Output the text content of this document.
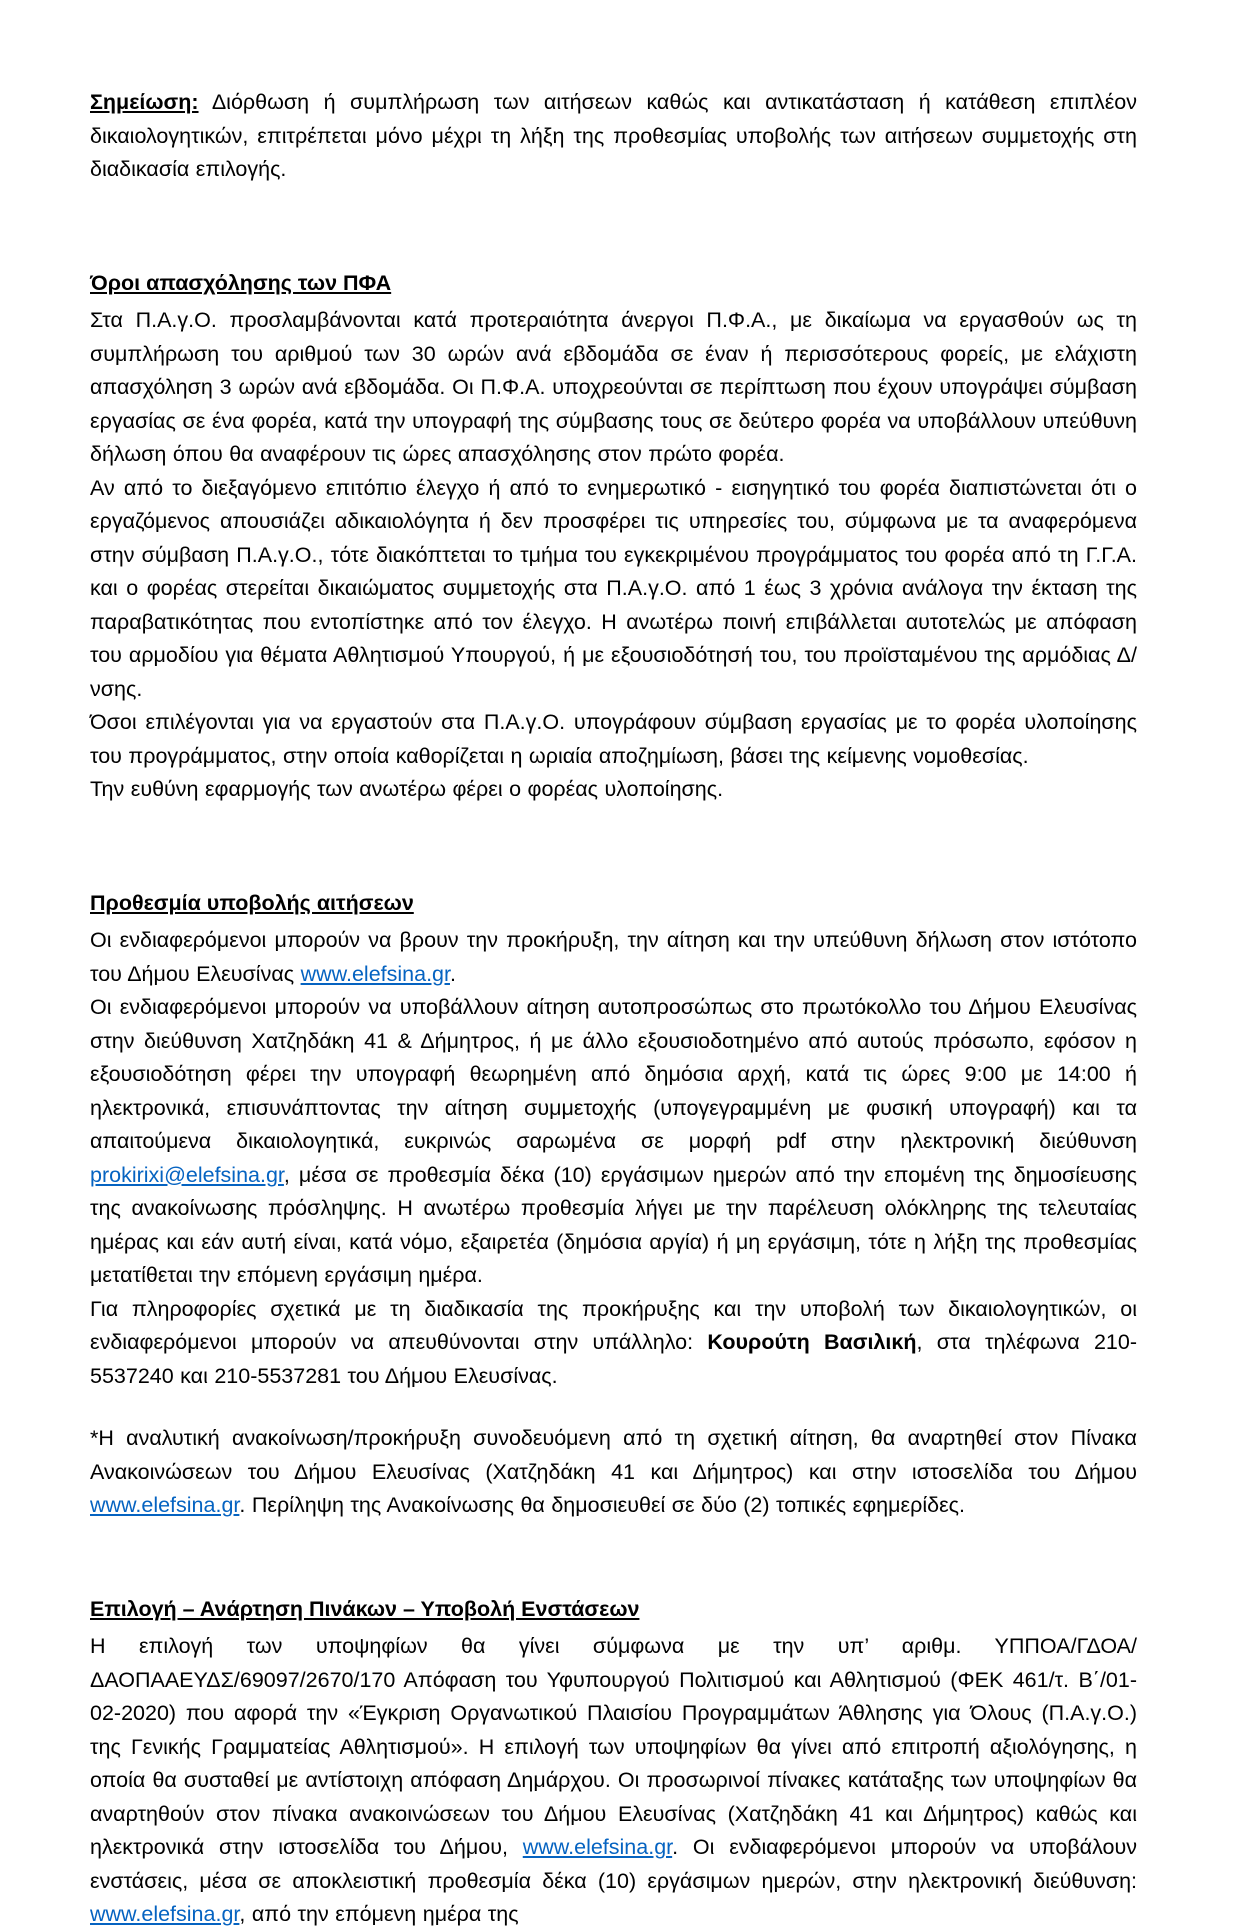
Σημείωση: Διόρθωση ή συμπλήρωση των αιτήσεων καθώς και αντικατάσταση ή κατάθεση επιπλέον δικαιολογητικών, επιτρέπεται μόνο μέχρι τη λήξη της προθεσμίας υποβολής των αιτήσεων συμμετοχής στη διαδικασία επιλογής.

Όροι απασχόλησης των ΠΦΑ

Στα Π.Α.γ.Ο. προσλαμβάνονται κατά προτεραιότητα άνεργοι Π.Φ.Α., με δικαίωμα να εργασθούν ως τη συμπλήρωση του αριθμού των 30 ωρών ανά εβδομάδα σε έναν ή περισσότερους φορείς, με ελάχιστη απασχόληση 3 ωρών ανά εβδομάδα. Οι Π.Φ.Α. υποχρεούνται σε περίπτωση που έχουν υπογράψει σύμβαση εργασίας σε ένα φορέα, κατά την υπογραφή της σύμβασης τους σε δεύτερο φορέα να υποβάλλουν υπεύθυνη δήλωση όπου θα αναφέρουν τις ώρες απασχόλησης στον πρώτο φορέα.

Αν από το διεξαγόμενο επιτόπιο έλεγχο ή από το ενημερωτικό - εισηγητικό του φορέα διαπιστώνεται ότι ο εργαζόμενος απουσιάζει αδικαιολόγητα ή δεν προσφέρει τις υπηρεσίες του, σύμφωνα με τα αναφερόμενα στην σύμβαση Π.Α.γ.Ο., τότε διακόπτεται το τμήμα του εγκεκριμένου προγράμματος του φορέα από τη Γ.Γ.Α. και ο φορέας στερείται δικαιώματος συμμετοχής στα Π.Α.γ.Ο. από 1 έως 3 χρόνια ανάλογα την έκταση της παραβατικότητας που εντοπίστηκε από τον έλεγχο. Η ανωτέρω ποινή επιβάλλεται αυτοτελώς με απόφαση του αρμοδίου για θέματα Αθλητισμού Υπουργού, ή με εξουσιοδότησή του, του προϊσταμένου της αρμόδιας Δ/νσης.

Όσοι επιλέγονται για να εργαστούν στα Π.Α.γ.Ο. υπογράφουν σύμβαση εργασίας με το φορέα υλοποίησης του προγράμματος, στην οποία καθορίζεται η ωριαία αποζημίωση, βάσει της κείμενης νομοθεσίας.

Την ευθύνη εφαρμογής των ανωτέρω φέρει ο φορέας υλοποίησης.

Προθεσμία υποβολής αιτήσεων

Οι ενδιαφερόμενοι μπορούν να βρουν την προκήρυξη, την αίτηση και την υπεύθυνη δήλωση στον ιστότοπο του Δήμου Ελευσίνας www.elefsina.gr.

Οι ενδιαφερόμενοι μπορούν να υποβάλλουν αίτηση αυτοπροσώπως στο πρωτόκολλο του Δήμου Ελευσίνας στην διεύθυνση Χατζηδάκη 41 & Δήμητρος, ή με άλλο εξουσιοδοτημένο από αυτούς πρόσωπο, εφόσον η εξουσιοδότηση φέρει την υπογραφή θεωρημένη από δημόσια αρχή, κατά τις ώρες 9:00 με 14:00 ή ηλεκτρονικά, επισυνάπτοντας την αίτηση συμμετοχής (υπογεγραμμένη με φυσική υπογραφή) και τα απαιτούμενα δικαιολογητικά, ευκρινώς σαρωμένα σε μορφή pdf στην ηλεκτρονική διεύθυνση prokirixi@elefsina.gr, μέσα σε προθεσμία δέκα (10) εργάσιμων ημερών από την επομένη της δημοσίευσης της ανακοίνωσης πρόσληψης. Η ανωτέρω προθεσμία λήγει με την παρέλευση ολόκληρης της τελευταίας ημέρας και εάν αυτή είναι, κατά νόμο, εξαιρετέα (δημόσια αργία) ή μη εργάσιμη, τότε η λήξη της προθεσμίας μετατίθεται την επόμενη εργάσιμη ημέρα.

Για πληροφορίες σχετικά με τη διαδικασία της προκήρυξης και την υποβολή των δικαιολογητικών, οι ενδιαφερόμενοι μπορούν να απευθύνονται στην υπάλληλο: Κουρούτη Βασιλική, στα τηλέφωνα 210-5537240 και 210-5537281 του Δήμου Ελευσίνας.

*Η αναλυτική ανακοίνωση/προκήρυξη συνοδευόμενη από τη σχετική αίτηση, θα αναρτηθεί στον Πίνακα Ανακοινώσεων του Δήμου Ελευσίνας (Χατζηδάκη 41 και Δήμητρος) και στην ιστοσελίδα του Δήμου www.elefsina.gr. Περίληψη της Ανακοίνωσης θα δημοσιευθεί σε δύο (2) τοπικές εφημερίδες.

Επιλογή – Ανάρτηση Πινάκων – Υποβολή Ενστάσεων

Η επιλογή των υποψηφίων θα γίνει σύμφωνα με την υπ’ αριθμ. ΥΠΠΟΑ/ΓΔΟΑ/ΔΑΟΠΑΑΕΥΔΣ/69097/2670/170 Απόφαση του Υφυπουργού Πολιτισμού και Αθλητισμού (ΦΕΚ 461/τ. Β΄/01-02-2020) που αφορά την «Έγκριση Οργανωτικού Πλαισίου Προγραμμάτων Άθλησης για Όλους (Π.Α.γ.Ο.) της Γενικής Γραμματείας Αθλητισμού». Η επιλογή των υποψηφίων θα γίνει από επιτροπή αξιολόγησης, η οποία θα συσταθεί με αντίστοιχη απόφαση Δημάρχου. Οι προσωρινοί πίνακες κατάταξης των υποψηφίων θα αναρτηθούν στον πίνακα ανακοινώσεων του Δήμου Ελευσίνας (Χατζηδάκη 41 και Δήμητρος) καθώς και ηλεκτρονικά στην ιστοσελίδα του Δήμου, www.elefsina.gr. Οι ενδιαφερόμενοι μπορούν να υποβάλουν ενστάσεις, μέσα σε αποκλειστική προθεσμία δέκα (10) εργάσιμων ημερών, στην ηλεκτρονική διεύθυνση: www.elefsina.gr, από την επόμενη ημέρα της
